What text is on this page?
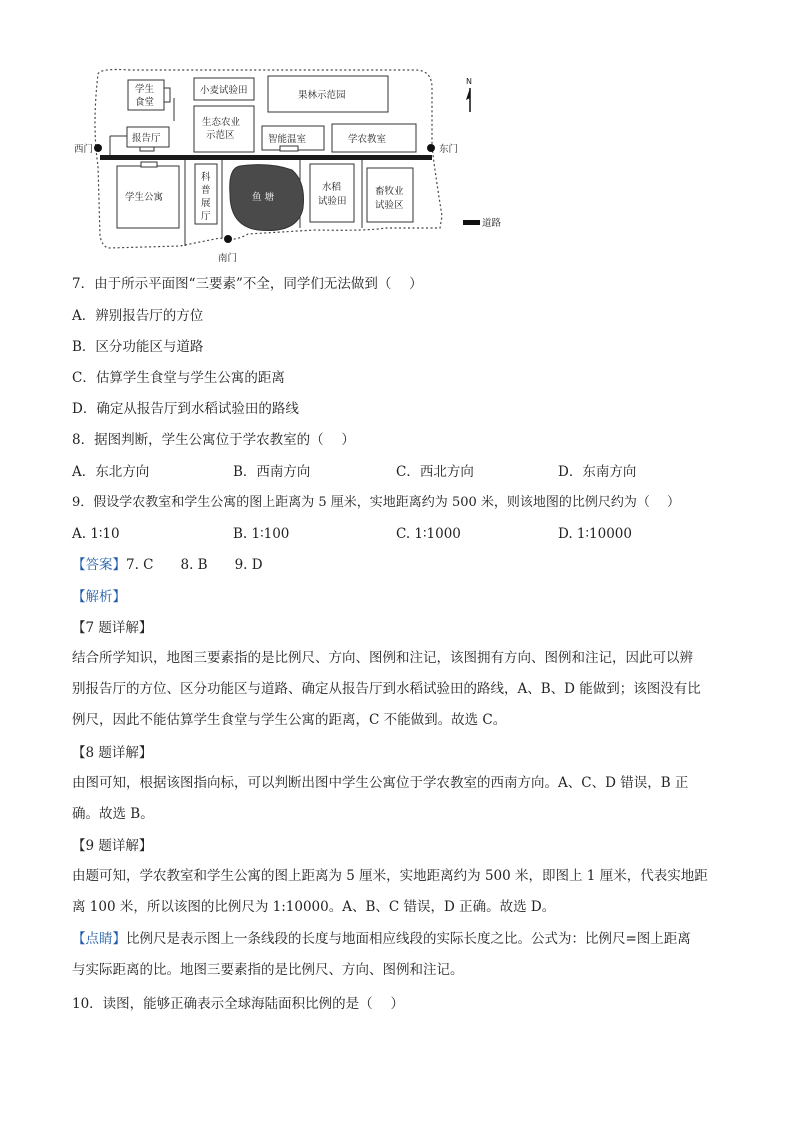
N
学生
食堂
小麦试验田	果林示范园
生态农业
示范区
报告厅	智能温室	学农教室
西门	东门
学生公寓
科
普
展
厅
鱼 塘
水稻
试验田
畜牧业
试验区
南门
道路
7．由于所示平面图“三要素”不全，同学们无法做到（　 ）
A．辨别报告厅的方位
B．区分功能区与道路
C．估算学生食堂与学生公寓的距离
D．确定从报告厅到水稻试验田的路线
8．据图判断，学生公寓位于学农教室的（　 ）
A．东北方向	B．西南方向	C．西北方向	D．东南方向
9．假设学农教室和学生公寓的图上距离为 5 厘米，实地距离约为 500 米，则该地图的比例尺约为（　 ）
A. 1∶10	B. 1∶100	C. 1∶1000	D. 1∶10000
【答案】7. C　　8. B　　9. D
【解析】
【7 题详解】
结合所学知识，地图三要素指的是比例尺、方向、图例和注记，该图拥有方向、图例和注记，因此可以辨
别报告厅的方位、区分功能区与道路、确定从报告厅到水稻试验田的路线，A、B、D 能做到；该图没有比
例尺，因此不能估算学生食堂与学生公寓的距离，C 不能做到。故选 C。
【8 题详解】
由图可知，根据该图指向标，可以判断出图中学生公寓位于学农教室的西南方向。A、C、D 错误，B 正
确。故选 B。
【9 题详解】
由题可知，学农教室和学生公寓的图上距离为 5 厘米，实地距离约为 500 米，即图上 1 厘米，代表实地距
离 100 米，所以该图的比例尺为 1:10000。A、B、C 错误，D 正确。故选 D。
【点睛】比例尺是表示图上一条线段的长度与地面相应线段的实际长度之比。公式为：比例尺=图上距离
与实际距离的比。地图三要素指的是比例尺、方向、图例和注记。
10．读图，能够正确表示全球海陆面积比例的是（　 ）
